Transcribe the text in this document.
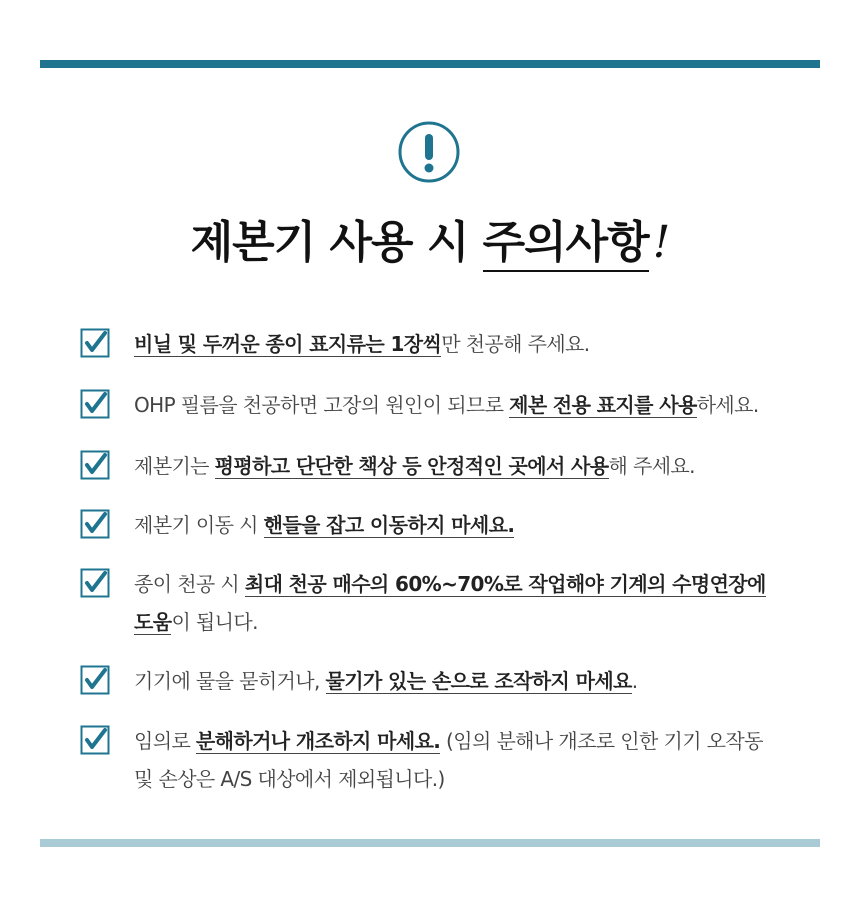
제본기 사용 시 주의사항!
비닐 및 두꺼운 종이 표지류는 1장씩만 천공해 주세요.
OHP 필름을 천공하면 고장의 원인이 되므로 제본 전용 표지를 사용하세요.
제본기는 평평하고 단단한 책상 등 안정적인 곳에서 사용해 주세요.
제본기 이동 시 핸들을 잡고 이동하지 마세요.
종이 천공 시 최대 천공 매수의 60%~70%로 작업해야 기계의 수명연장에
도움이 됩니다.
기기에 물을 묻히거나, 물기가 있는 손으로 조작하지 마세요.
임의로 분해하거나 개조하지 마세요. (임의 분해나 개조로 인한 기기 오작동
및 손상은 A/S 대상에서 제외됩니다.)
